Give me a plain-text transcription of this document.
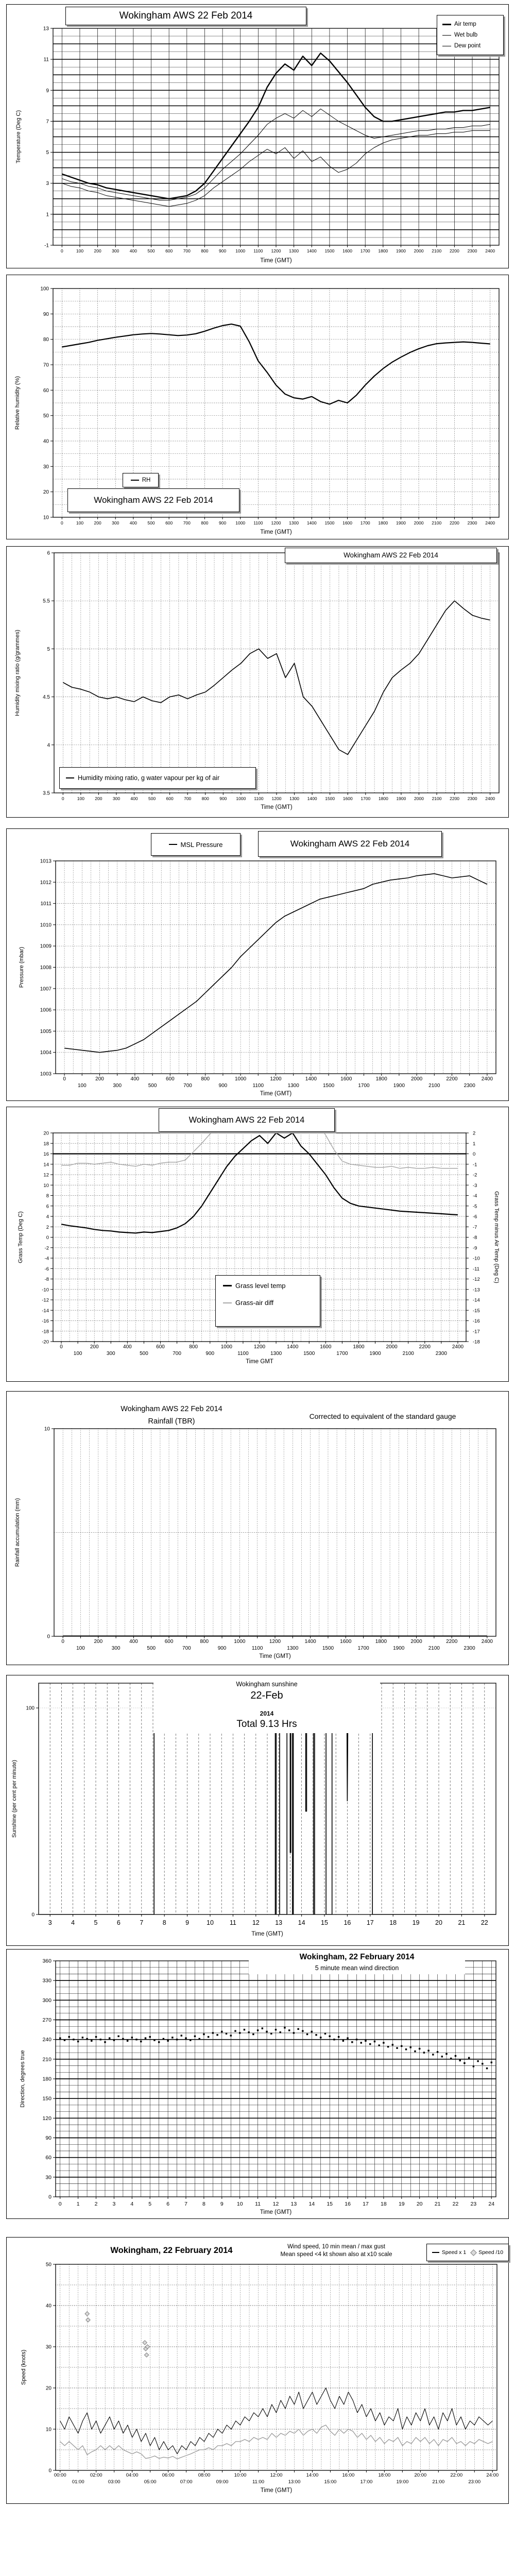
-1
1
3
5
7
9
11
13
0	100 200 300 400 500 600 700 800 900 1000 1100 1200 1300 1400 1500 1600 1700 1800 1900 2000 2100 2200 2300 2400
Time (GMT)
Temperature (Deg C)
Wokingham AWS 22 Feb 2014
Air temp
Wet bulb
Dew point
10
20
30
40
50
60
70
80
90
100
0	100 200 300 400 500 600 700 800 900 1000 1100 1200 1300 1400 1500 1600 1700 1800 1900 2000 2100 2200 2300 2400
Time (GMT)
Relative humidity (%)
RH
Wokingham AWS 22 Feb 2014
3.5
4
4.5
5
5.5
6
0	100 200 300 400 500 600 700 800 900 1000 1100 1200 1300 1400 1500 1600 1700 1800 1900 2000 2100 2200 2300 2400
Time (GMT)
Humidity mixing ratio (g/grammes)
Wokingham AWS 22 Feb 2014
Humidity mixing ratio, g water vapour per kg of air
1003
1004
1005
1006
1007
1008
1009
1010
1011
1012
1013
0
100
200
300
400
500
600
700
800
900
1000
1100
1200
1300
1400
1500
1600
1700
1800
1900
2000
2100
2200
2300
2400
Time (GMT)
Pressure (mbar)
MSL Pressure	Wokingham AWS 22 Feb 2014
-20
-18
-16
-14
-12
-10
-8
-6
-4
-2
0
2
4
6
8
10
12
14
16
18
20
-18
-17
-16
-15
-14
-13
-12
-11
-10
-9
-8
-7
-6
-5
-4
-3
-2
-1
0
1
2
0
100
200
300
400
500
600
700
800
900
1000
1100
1200
1300
1400
1500
1600
1700
1800
1900
2000
2100
2200
2300
2400
Time GMT
Grass Temp (Deg C)	Grass Temp minus Air Temp (Deg C)
Wokingham AWS 22 Feb 2014
Grass level temp
Grass-air diff
0
10
0
100
200
300
400
500
600
700
800
900
1000
1100
1200
1300
1400
1500
1600
1700
1800
1900
2000
2100
2200
2300
2400
Time (GMT)
Rainfall accumulation (mm)
Wokingham AWS 22 Feb 2014
Rainfall (TBR)
Corrected to equivalent of the standard gauge
0
100
3	4	5	6	7	8	9	10 11 12 13 14 15 16 17 18 19 20 21 22
Time (GMT)
Sunshine (per cent per minute)
Wokingham sunshine
22-Feb
2014
Total 9.13 Hrs
0
30
60
90
120
150
180
210
240
270
300
330
360
0	1	2	3	4	5	6	7	8	9 10 11 12 13 14 15 16 17 18 19 20 21 22 23 24
Time (GMT)
Direction, degrees true
Wokingham, 22 February 2014
5 minute mean wind direction
0
10
20
30
40
50
00:00	02:00	04:00	06:00	08:00	10:00	12:00	14:00	16:00	18:00	20:00	22:00	24:00
01:00	03:00	05:00	07:00	09:00	11:00	13:00	15:00	17:00	19:00	21:00	23:00
Time (GMT)
Speed (knots)
Wokingham, 22 February 2014	Wind speed, 10 min mean / max gust
Mean speed <4 kt shown also at x10 scale	Speed x 1 Speed /10
